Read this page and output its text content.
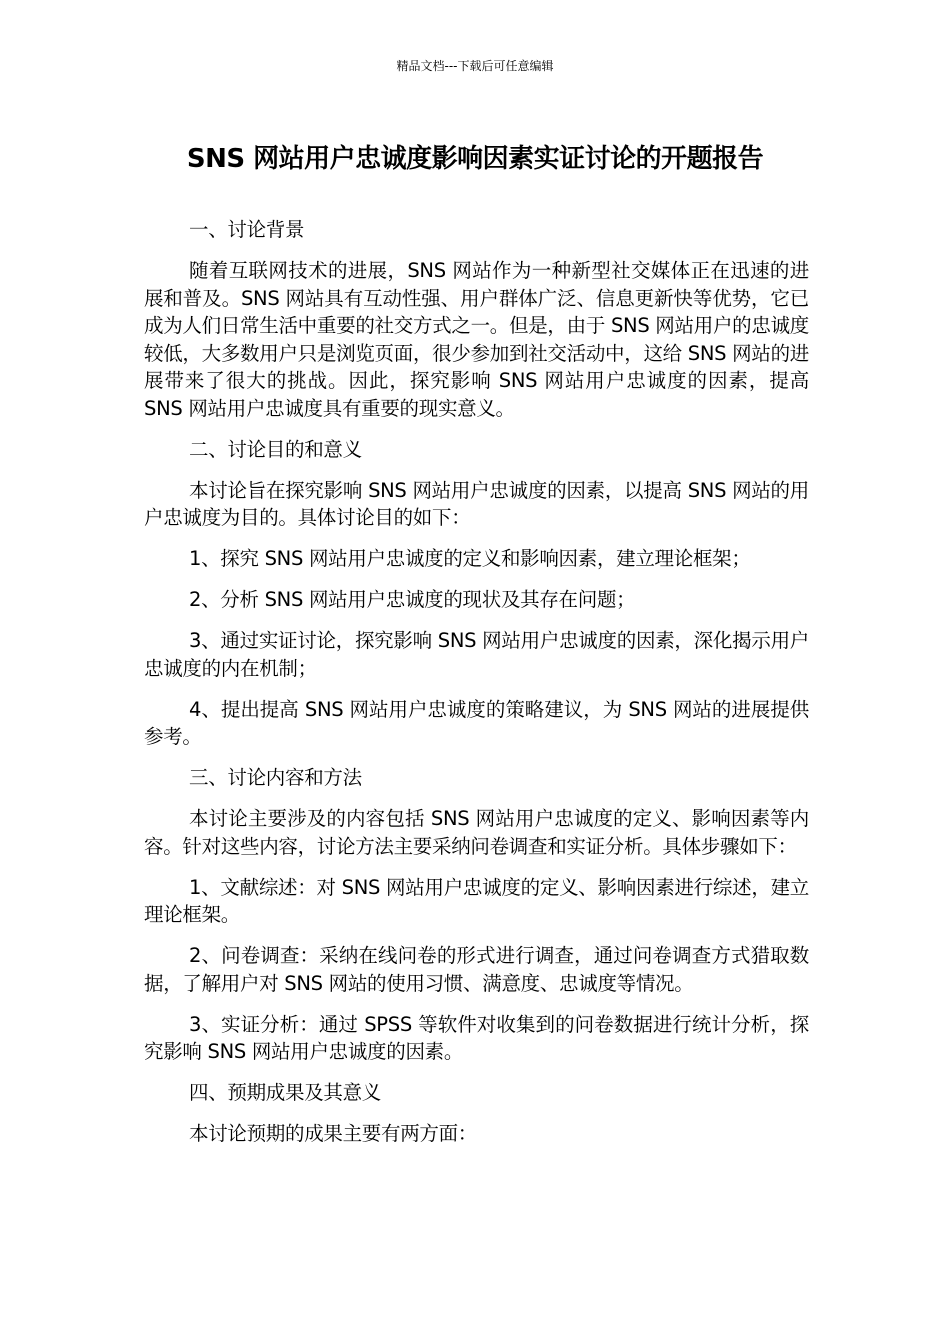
精品文档---下载后可任意编辑
SNS 网站用户忠诚度影响因素实证讨论的开题报告

一、讨论背景

随着互联网技术的进展，SNS 网站作为一种新型社交媒体正在迅速的进展和普及。SNS 网站具有互动性强、用户群体广泛、信息更新快等优势，它已成为人们日常生活中重要的社交方式之一。但是，由于 SNS 网站用户的忠诚度较低，大多数用户只是浏览页面，很少参加到社交活动中，这给 SNS 网站的进展带来了很大的挑战。因此，探究影响 SNS 网站用户忠诚度的因素，提高 SNS 网站用户忠诚度具有重要的现实意义。

二、讨论目的和意义

本讨论旨在探究影响 SNS 网站用户忠诚度的因素，以提高 SNS 网站的用户忠诚度为目的。具体讨论目的如下：

1、探究 SNS 网站用户忠诚度的定义和影响因素，建立理论框架；

2、分析 SNS 网站用户忠诚度的现状及其存在问题；

3、通过实证讨论，探究影响 SNS 网站用户忠诚度的因素，深化揭示用户忠诚度的内在机制；

4、提出提高 SNS 网站用户忠诚度的策略建议，为 SNS 网站的进展提供参考。

三、讨论内容和方法

本讨论主要涉及的内容包括 SNS 网站用户忠诚度的定义、影响因素等内容。针对这些内容，讨论方法主要采纳问卷调查和实证分析。具体步骤如下：

1、文献综述：对 SNS 网站用户忠诚度的定义、影响因素进行综述，建立理论框架。

2、问卷调查：采纳在线问卷的形式进行调查，通过问卷调查方式猎取数据，了解用户对 SNS 网站的使用习惯、满意度、忠诚度等情况。

3、实证分析：通过 SPSS 等软件对收集到的问卷数据进行统计分析，探究影响 SNS 网站用户忠诚度的因素。

四、预期成果及其意义

本讨论预期的成果主要有两方面：
